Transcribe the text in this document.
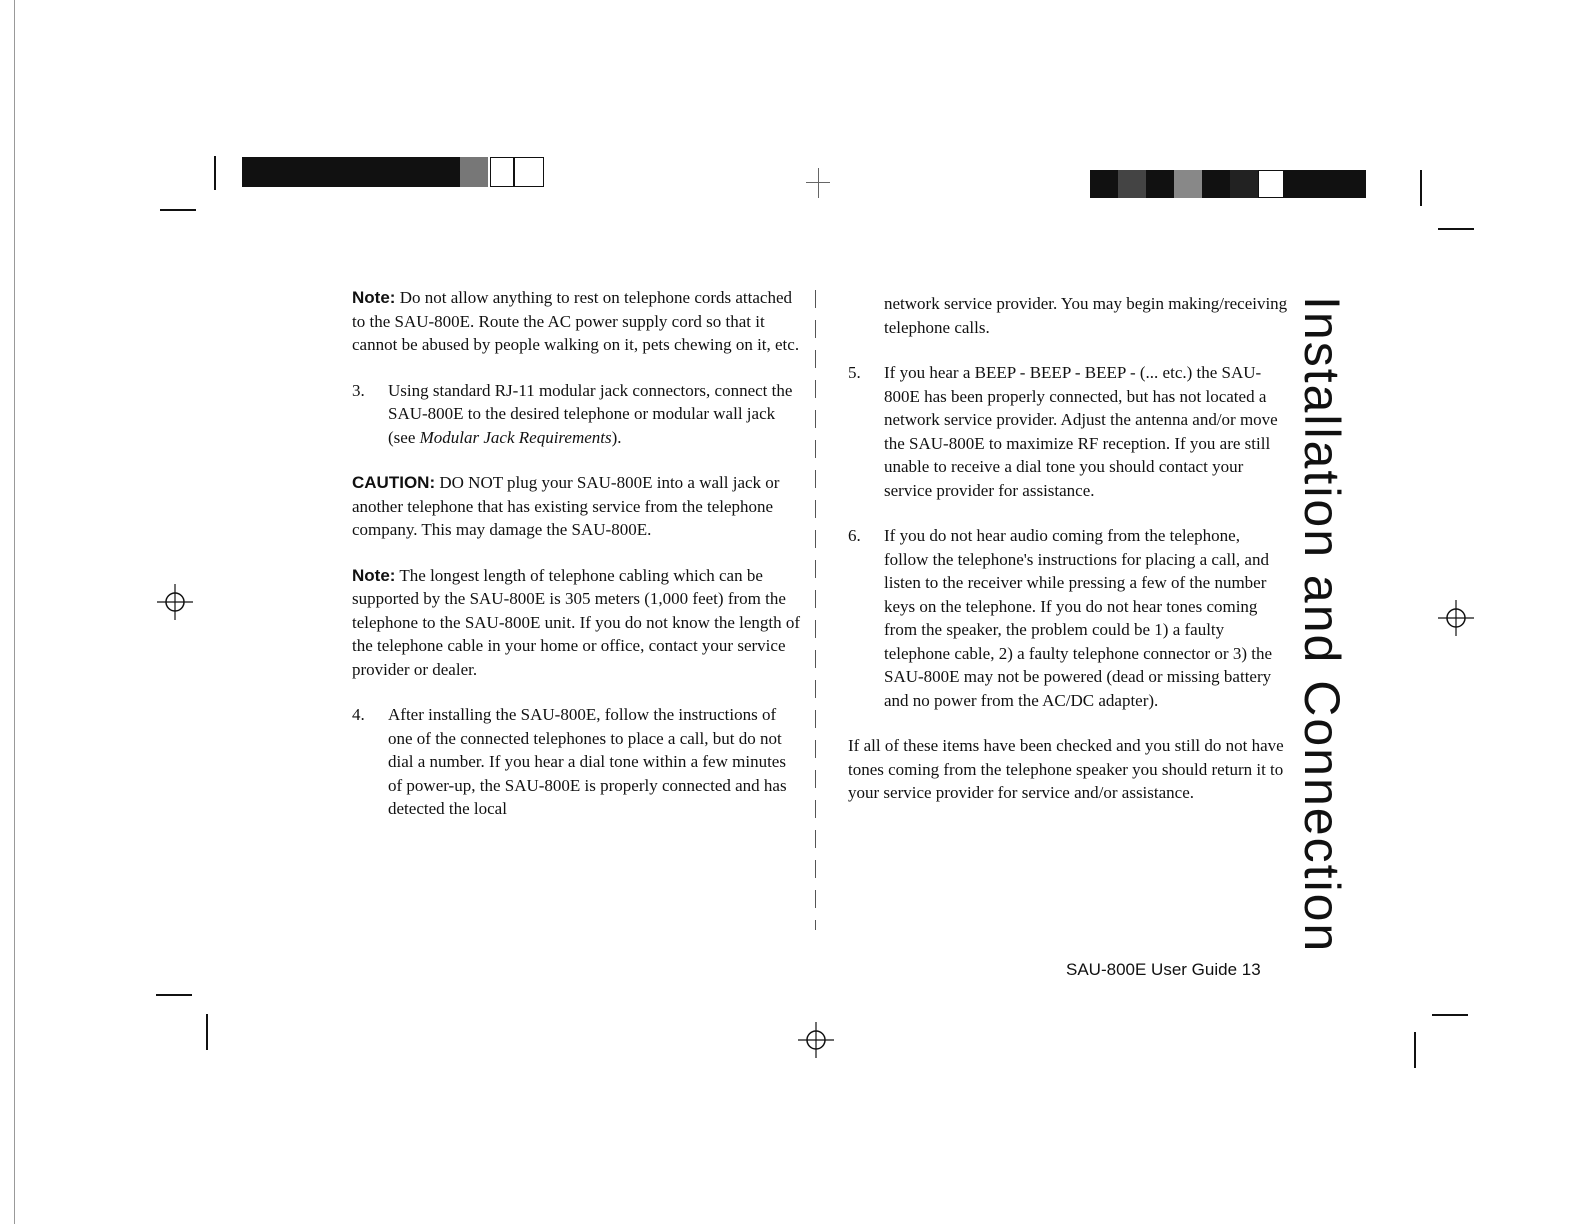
Note: Do not allow anything to rest on telephone cords attached to the SAU-800E. Route the AC power supply cord so that it cannot be abused by people walking on it, pets chewing on it, etc.

3. Using standard RJ-11 modular jack connectors, connect the SAU-800E to the desired telephone or modular wall jack (see Modular Jack Requirements).

CAUTION: DO NOT plug your SAU-800E into a wall jack or another telephone that has existing service from the telephone company. This may damage the SAU-800E.

Note: The longest length of telephone cabling which can be supported by the SAU-800E is 305 meters (1,000 feet) from the telephone to the SAU-800E unit. If you do not know the length of the telephone cable in your home or office, contact your service provider or dealer.

4. After installing the SAU-800E, follow the instructions of one of the connected telephones to place a call, but do not dial a number. If you hear a dial tone within a few minutes of power-up, the SAU-800E is properly connected and has detected the local
network service provider. You may begin making/receiving telephone calls.
5. If you hear a BEEP - BEEP - BEEP - (... etc.) the SAU-800E has been properly connected, but has not located a network service provider. Adjust the antenna and/or move the SAU-800E to maximize RF reception. If you are still unable to receive a dial tone you should contact your service provider for assistance.
6. If you do not hear audio coming from the telephone, follow the telephone's instructions for placing a call, and listen to the receiver while pressing a few of the number keys on the telephone. If you do not hear tones coming from the speaker, the problem could be 1) a faulty telephone cable, 2) a faulty telephone connector or 3) the SAU-800E may not be powered (dead or missing battery and no power from the AC/DC adapter).

If all of these items have been checked and you still do not have tones coming from the telephone speaker you should return it to your service provider for service and/or assistance.	Installation and Connection
SAU-800E User Guide 13
